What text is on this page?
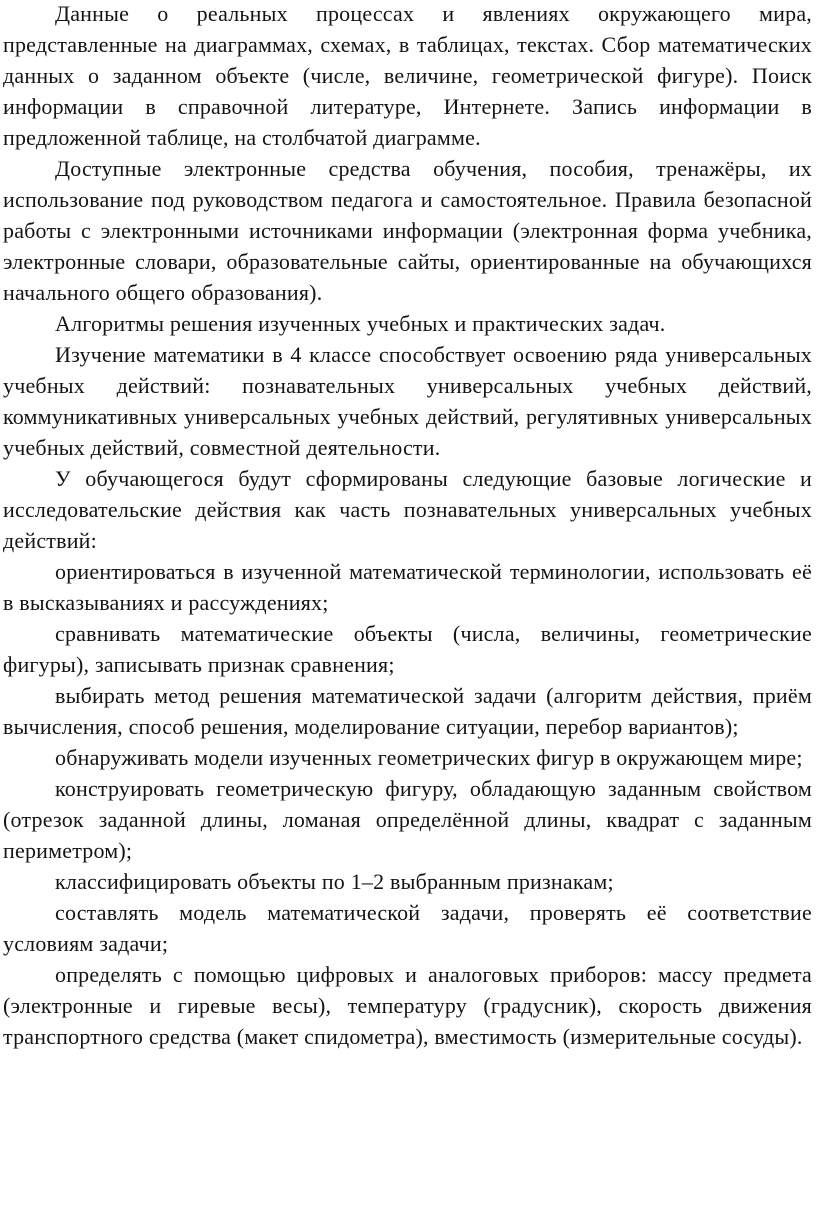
Данные о реальных процессах и явлениях окружающего мира, представленные на диаграммах, схемах, в таблицах, текстах. Сбор математических данных о заданном объекте (числе, величине, геометрической фигуре). Поиск информации в справочной литературе, Интернете. Запись информации в предложенной таблице, на столбчатой диаграмме.

Доступные электронные средства обучения, пособия, тренажёры, их использование под руководством педагога и самостоятельное. Правила безопасной работы с электронными источниками информации (электронная форма учебника, электронные словари, образовательные сайты, ориентированные на обучающихся начального общего образования).

Алгоритмы решения изученных учебных и практических задач.

Изучение математики в 4 классе способствует освоению ряда универсальных учебных действий: познавательных универсальных учебных действий, коммуникативных универсальных учебных действий, регулятивных универсальных учебных действий, совместной деятельности.

У обучающегося будут сформированы следующие базовые логические и исследовательские действия как часть познавательных универсальных учебных действий:

ориентироваться в изученной математической терминологии, использовать её в высказываниях и рассуждениях;

сравнивать математические объекты (числа, величины, геометрические фигуры), записывать признак сравнения;

выбирать метод решения математической задачи (алгоритм действия, приём вычисления, способ решения, моделирование ситуации, перебор вариантов);

обнаруживать модели изученных геометрических фигур в окружающем мире;

конструировать геометрическую фигуру, обладающую заданным свойством (отрезок заданной длины, ломаная определённой длины, квадрат с заданным периметром);

классифицировать объекты по 1–2 выбранным признакам;

составлять модель математической задачи, проверять её соответствие условиям задачи;

определять с помощью цифровых и аналоговых приборов: массу предмета (электронные и гиревые весы), температуру (градусник), скорость движения транспортного средства (макет спидометра), вместимость (измерительные сосуды).
